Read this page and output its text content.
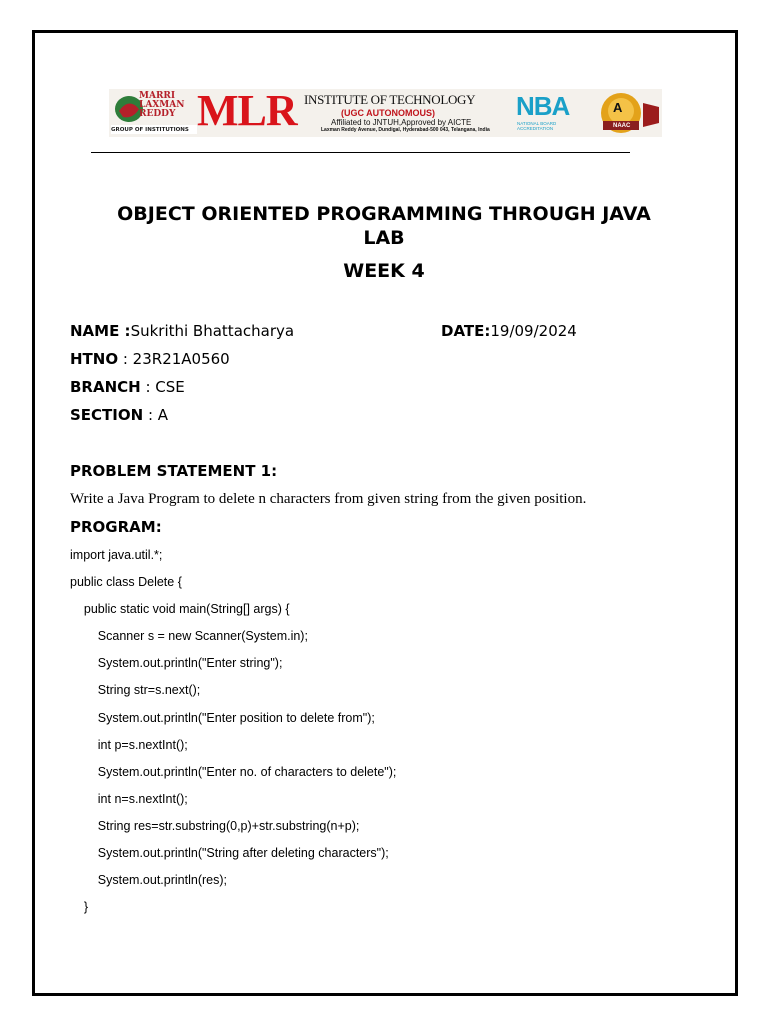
MARRI
LAXMAN
REDDY
GROUP OF INSTITUTIONS MLR INSTITUTE OF TECHNOLOGY
(UGC AUTONOMOUS)
Affiliated to JNTUH,Approved by AICTE
Laxman Reddy Avenue, Dundigal, Hyderabad-500 043, Telangana, India
NBA
NATIONAL BOARD ACCREDITATION
A
NAAC
OBJECT ORIENTED PROGRAMMING THROUGH JAVA
LAB
WEEK 4
NAME :Sukrithi Bhattacharya	DATE:19/09/2024
HTNO : 23R21A0560
BRANCH : CSE
SECTION : A
PROBLEM STATEMENT 1:
Write a Java Program to delete n characters from given string from the given position.
PROGRAM:
import java.util.*;
public class Delete {
public static void main(String[] args) {
Scanner s = new Scanner(System.in);
System.out.println("Enter string");
String str=s.next();
System.out.println("Enter position to delete from");
int p=s.nextInt();
System.out.println("Enter no. of characters to delete");
int n=s.nextInt();
String res=str.substring(0,p)+str.substring(n+p);
System.out.println("String after deleting characters");
System.out.println(res);
}
